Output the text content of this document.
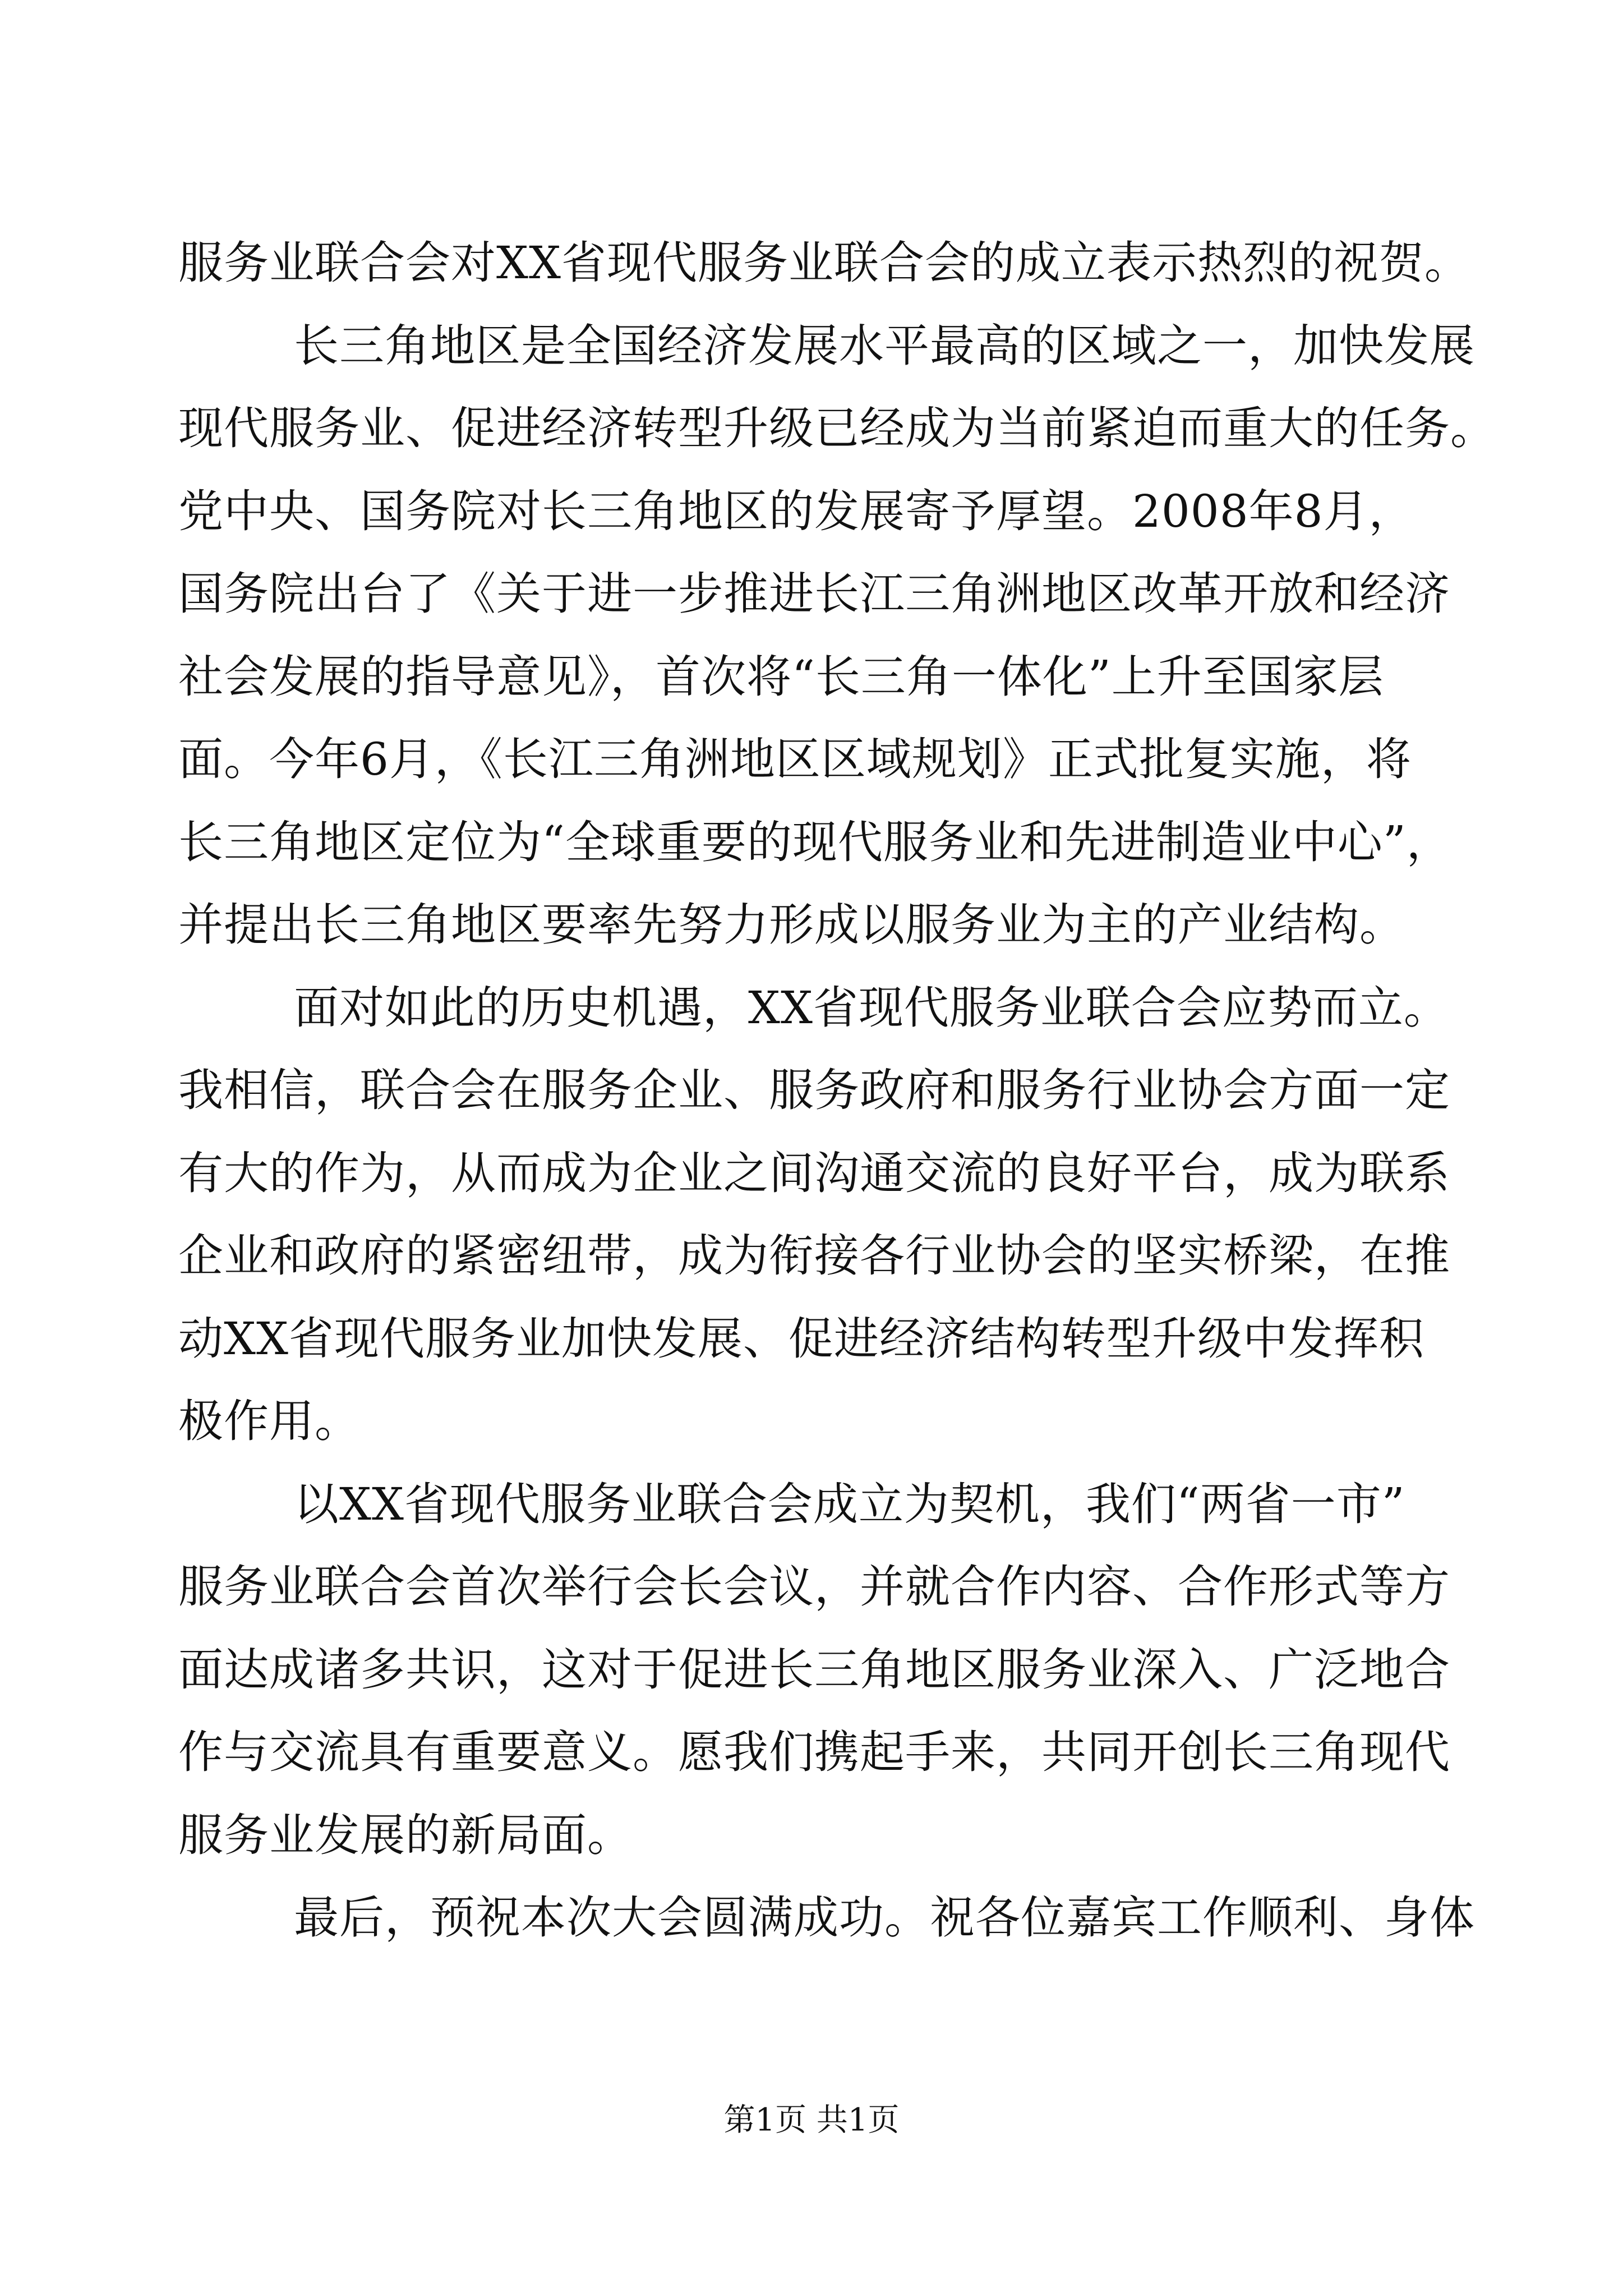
服务业联合会对XX省现代服务业联合会的成立表示热烈的祝贺。
长三角地区是全国经济发展水平最高的区域之一，加快发展
现代服务业、促进经济转型升级已经成为当前紧迫而重大的任务。
党中央、国务院对长三角地区的发展寄予厚望。2008年8月，
国务院出台了《关于进一步推进长江三角洲地区改革开放和经济
社会发展的指导意见》，首次将“长三角一体化”上升至国家层
面。今年6月，《长江三角洲地区区域规划》正式批复实施，将
长三角地区定位为“全球重要的现代服务业和先进制造业中心”，
并提出长三角地区要率先努力形成以服务业为主的产业结构。
面对如此的历史机遇，XX省现代服务业联合会应势而立。
我相信，联合会在服务企业、服务政府和服务行业协会方面一定
有大的作为，从而成为企业之间沟通交流的良好平台，成为联系
企业和政府的紧密纽带，成为衔接各行业协会的坚实桥梁，在推
动XX省现代服务业加快发展、促进经济结构转型升级中发挥积
极作用。
以XX省现代服务业联合会成立为契机，我们“两省一市”
服务业联合会首次举行会长会议，并就合作内容、合作形式等方
面达成诸多共识，这对于促进长三角地区服务业深入、广泛地合
作与交流具有重要意义。愿我们携起手来，共同开创长三角现代
服务业发展的新局面。
最后，预祝本次大会圆满成功。祝各位嘉宾工作顺利、身体
第1页 共1页
